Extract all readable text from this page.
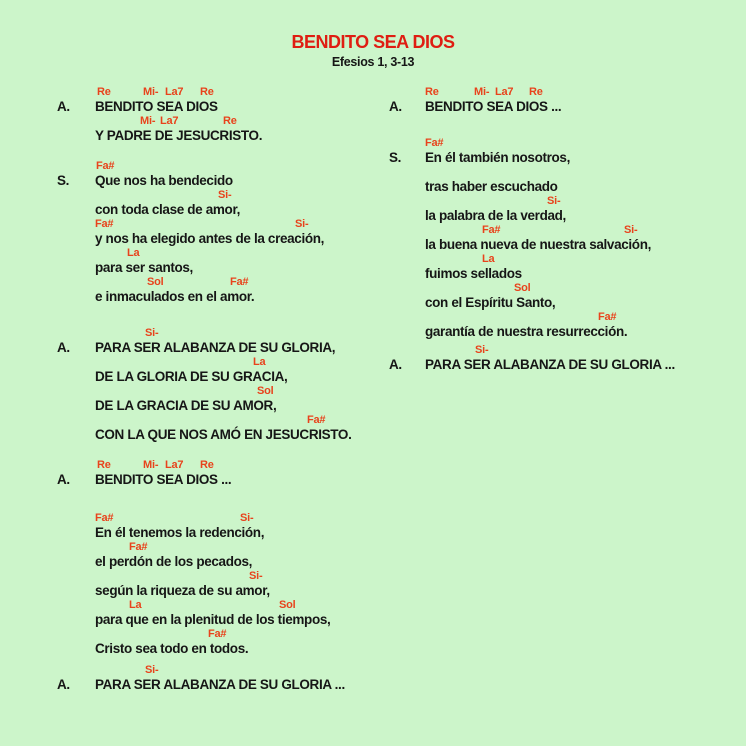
BENDITO SEA DIOS
Efesios 1, 3-13
Re	Mi- La7 Re
A. BENDITO SEA DIOS
Mi- La7	Re
Y PADRE DE JESUCRISTO.
Fa#
S. Que nos ha bendecido
Si-
con toda clase de amor,
Fa#	Si-
y nos ha elegido antes de la creación,
La
para ser santos,
Sol	Fa#
e inmaculados en el amor.
Si-
A. PARA SER ALABANZA DE SU GLORIA,
La
DE LA GLORIA DE SU GRACIA,
Sol
DE LA GRACIA DE SU AMOR,
Fa#
CON LA QUE NOS AMÓ EN JESUCRISTO.
Re	Mi- La7 Re
A. BENDITO SEA DIOS ...
Fa#	Si-
En él tenemos la redención,
Fa#
el perdón de los pecados,
Si-
según la riqueza de su amor,
La	Sol
para que en la plenitud de los tiempos,
Fa#
Cristo sea todo en todos.
Si-
A. PARA SER ALABANZA DE SU GLORIA ...
Re	Mi- La7 Re
A. BENDITO SEA DIOS ...
Fa#
S. En él también nosotros,
tras haber escuchado
Si-
la palabra de la verdad,
Fa#	Si-
la buena nueva de nuestra salvación,
La
fuimos sellados
Sol
con el Espíritu Santo,
Fa#
garantía de nuestra resurrección.
Si-
A. PARA SER ALABANZA DE SU GLORIA ...
